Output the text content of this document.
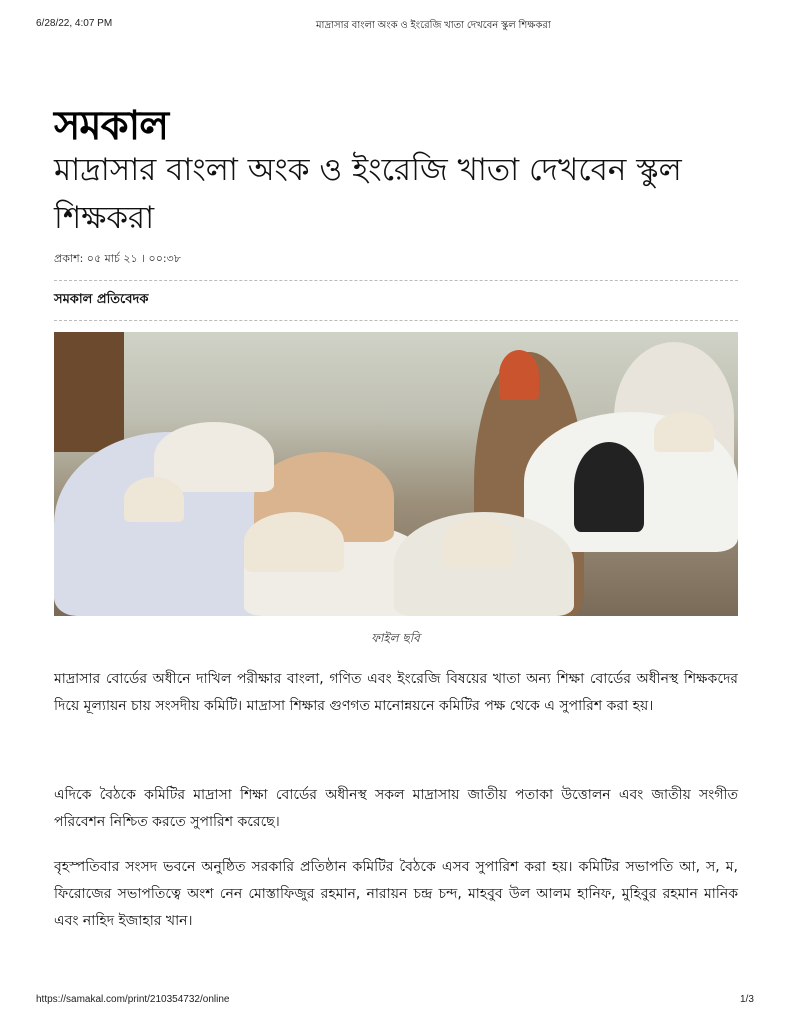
6/28/22, 4:07 PM	মাদ্রাসার বাংলা অংক ও ইংরেজি খাতা দেখবেন স্কুল শিক্ষকরা
সমকাল
মাদ্রাসার বাংলা অংক ও ইংরেজি খাতা দেখবেন স্কুল শিক্ষকরা
প্রকাশ: ০৫ মার্চ ২১ । ০০:৩৮
সমকাল প্রতিবেদক
ফাইল ছবি

মাদ্রাসার বোর্ডের অধীনে দাখিল পরীক্ষার বাংলা, গণিত এবং ইংরেজি বিষয়ের খাতা অন্য শিক্ষা বোর্ডের অধীনস্থ শিক্ষকদের দিয়ে মূল্যায়ন চায় সংসদীয় কমিটি। মাদ্রাসা শিক্ষার গুণগত মানোন্নয়নে কমিটির পক্ষ থেকে এ সুপারিশ করা হয়।

এদিকে বৈঠকে কমিটির মাদ্রাসা শিক্ষা বোর্ডের অধীনস্থ সকল মাদ্রাসায় জাতীয় পতাকা উত্তোলন এবং জাতীয় সংগীত পরিবেশন নিশ্চিত করতে সুপারিশ করেছে।

বৃহস্পতিবার সংসদ ভবনে অনুষ্ঠিত সরকারি প্রতিষ্ঠান কমিটির বৈঠকে এসব সুপারিশ করা হয়। কমিটির সভাপতি আ, স, ম, ফিরোজের সভাপতিত্বে অংশ নেন মোস্তাফিজুর রহমান, নারায়ন চন্দ্র চন্দ, মাহবুব উল আলম হানিফ, মুহিবুর রহমান মানিক এবং নাহিদ ইজাহার খান।

https://samakal.com/print/210354732/online	1/3
